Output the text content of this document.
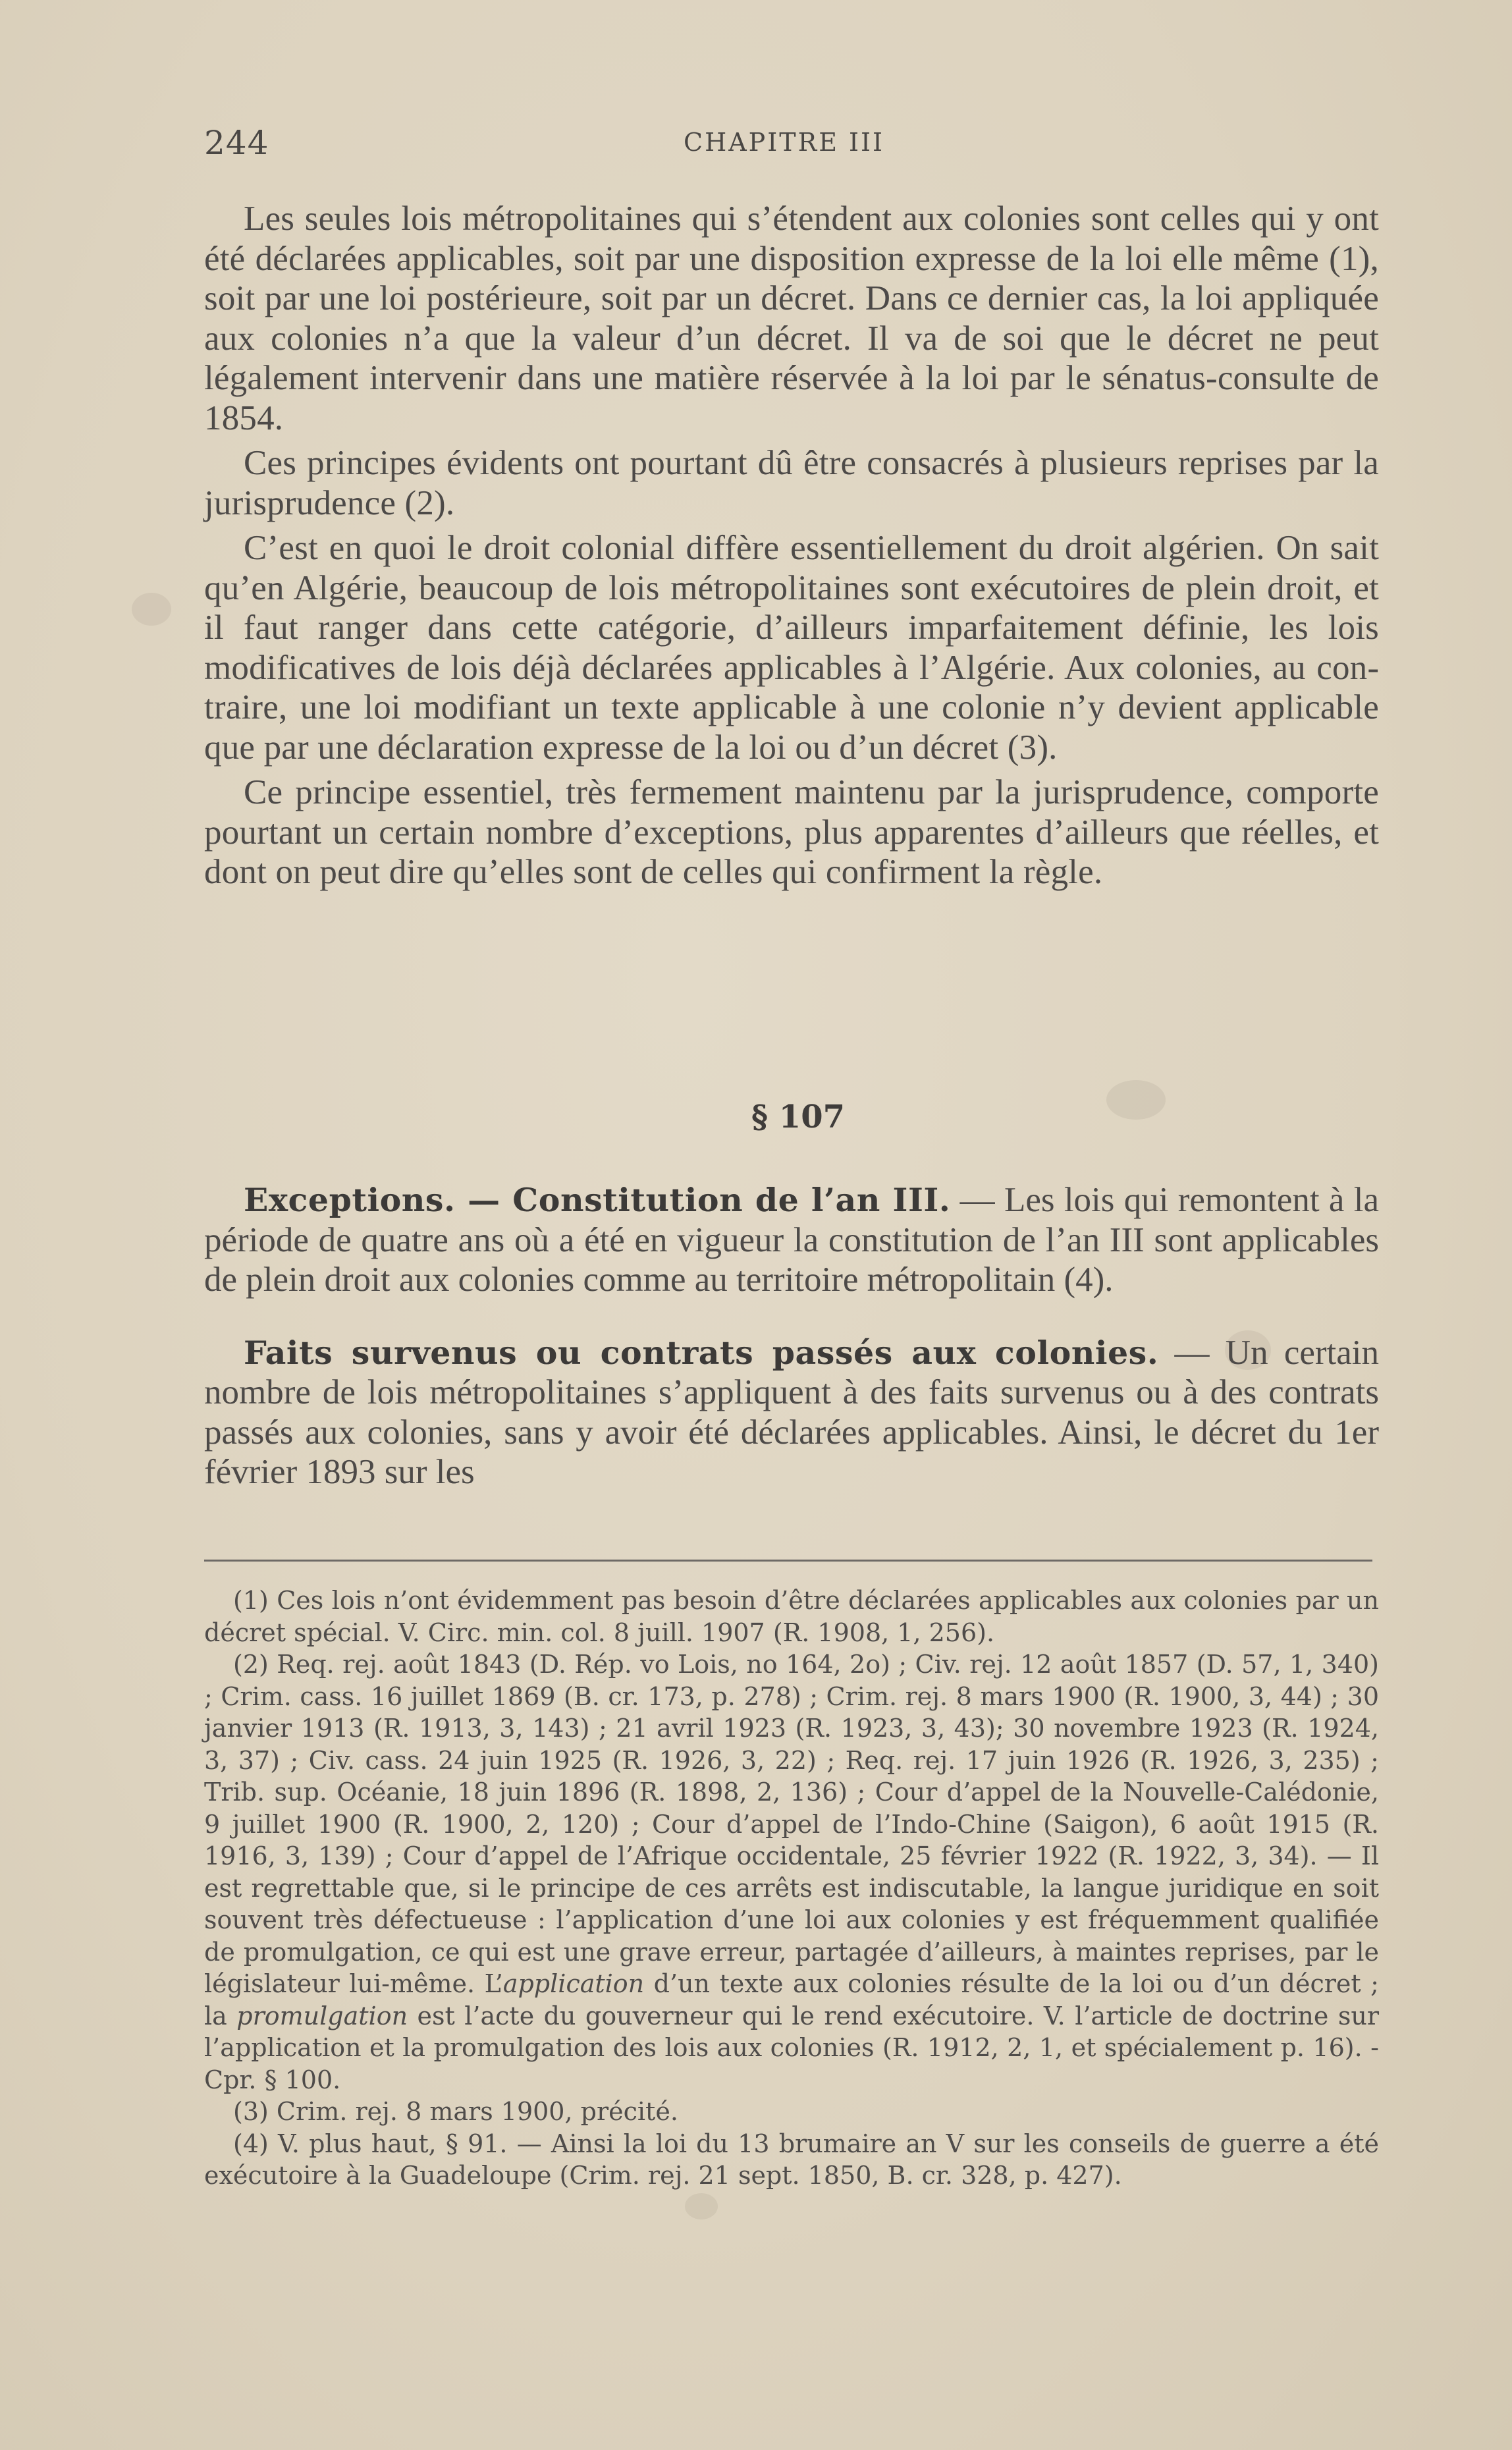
244	CHAPITRE III

Les seules lois métropolitaines qui s’étendent aux colonies sont celles qui y ont été déclarées applicables, soit par une disposition expresse de la loi elle même (1), soit par une loi postérieure, soit par un décret. Dans ce dernier cas, la loi appliquée aux colonies n’a que la valeur d’un décret. Il va de soi que le décret ne peut légalement intervenir dans une matière réservée à la loi par le sénatus-consulte de 1854.

Ces principes évidents ont pourtant dû être consacrés à plusieurs reprises par la jurisprudence (2).

C’est en quoi le droit colonial diffère essentiellement du droit algérien. On sait qu’en Algérie, beaucoup de lois métropolitaines sont exécutoires de plein droit, et il faut ranger dans cette catégorie, d’ailleurs imparfaitement définie, les lois modificatives de lois déjà déclarées applicables à l’Algérie. Aux colonies, au contraire, une loi modifiant un texte applicable à une colonie n’y devient applicable que par une déclaration expresse de la loi ou d’un décret (3).

Ce principe essentiel, très fermement maintenu par la jurisprudence, comporte pourtant un certain nombre d’exceptions, plus apparentes d’ailleurs que réelles, et dont on peut dire qu’elles sont de celles qui confirment la règle.

§ 107

Exceptions. — Constitution de l’an III. — Les lois qui remontent à la période de quatre ans où a été en vigueur la constitution de l’an III sont applicables de plein droit aux colonies comme au territoire métropolitain (4).

Faits survenus ou contrats passés aux colonies. — Un certain nombre de lois métropolitaines s’appliquent à des faits survenus ou à des contrats passés aux colonies, sans y avoir été déclarées applicables. Ainsi, le décret du 1er février 1893 sur les

(1) Ces lois n’ont évidemment pas besoin d’être déclarées applicables aux colonies par un décret spécial. V. Circ. min. col. 8 juill. 1907 (R. 1908, 1, 256).

(2) Req. rej. août 1843 (D. Rép. vo Lois, no 164, 2o) ; Civ. rej. 12 août 1857 (D. 57, 1, 340) ; Crim. cass. 16 juillet 1869 (B. cr. 173, p. 278) ; Crim. rej. 8 mars 1900 (R. 1900, 3, 44) ; 30 janvier 1913 (R. 1913, 3, 143) ; 21 avril 1923 (R. 1923, 3, 43); 30 novembre 1923 (R. 1924, 3, 37) ; Civ. cass. 24 juin 1925 (R. 1926, 3, 22) ; Req. rej. 17 juin 1926 (R. 1926, 3, 235) ; Trib. sup. Océanie, 18 juin 1896 (R. 1898, 2, 136) ; Cour d’appel de la Nouvelle-Calédonie, 9 juillet 1900 (R. 1900, 2, 120) ; Cour d’appel de l’Indo-Chine (Saigon), 6 août 1915 (R. 1916, 3, 139) ; Cour d’appel de l’Afrique occidentale, 25 février 1922 (R. 1922, 3, 34). — Il est regrettable que, si le principe de ces arrêts est indiscutable, la langue juridique en soit souvent très défectueuse : l’application d’une loi aux colonies y est fréquemment qualifiée de promulgation, ce qui est une grave erreur, partagée d’ailleurs, à maintes reprises, par le législateur lui-même. L’application d’un texte aux colonies résulte de la loi ou d’un décret ; la promulgation est l’acte du gouverneur qui le rend exécutoire. V. l’article de doctrine sur l’application et la promulgation des lois aux colonies (R. 1912, 2, 1, et spécialement p. 16). - Cpr. § 100.

(3) Crim. rej. 8 mars 1900, précité.

(4) V. plus haut, § 91. — Ainsi la loi du 13 brumaire an V sur les conseils de guerre a été exécutoire à la Guadeloupe (Crim. rej. 21 sept. 1850, B. cr. 328, p. 427).
